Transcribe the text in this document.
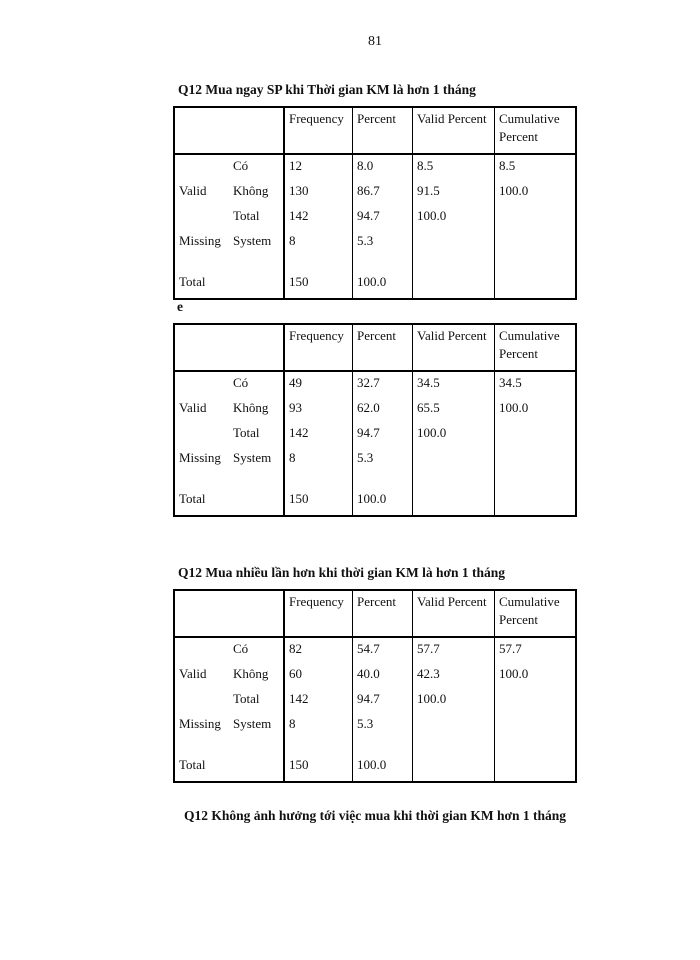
81
Q12 Mua ngay SP khi Thời gian KM là hơn 1 tháng
		Frequency	Percent	Valid Percent	Cumulative Percent
	Có	12	8.0	8.5	8.5
Valid	Không	130	86.7	91.5	100.0
	Total	142	94.7	100.0	
Missing	System	8	5.3		
Total		150	100.0		
e
		Frequency	Percent	Valid Percent	Cumulative Percent
	Có	49	32.7	34.5	34.5
Valid	Không	93	62.0	65.5	100.0
	Total	142	94.7	100.0	
Missing	System	8	5.3		
Total		150	100.0		
Q12 Mua nhiều lần hơn khi thời gian KM là hơn 1 tháng
		Frequency	Percent	Valid Percent	Cumulative Percent
	Có	82	54.7	57.7	57.7
Valid	Không	60	40.0	42.3	100.0
	Total	142	94.7	100.0	
Missing	System	8	5.3		
Total		150	100.0		
Q12 Không ảnh hưởng tới việc mua khi thời gian KM hơn 1 tháng
